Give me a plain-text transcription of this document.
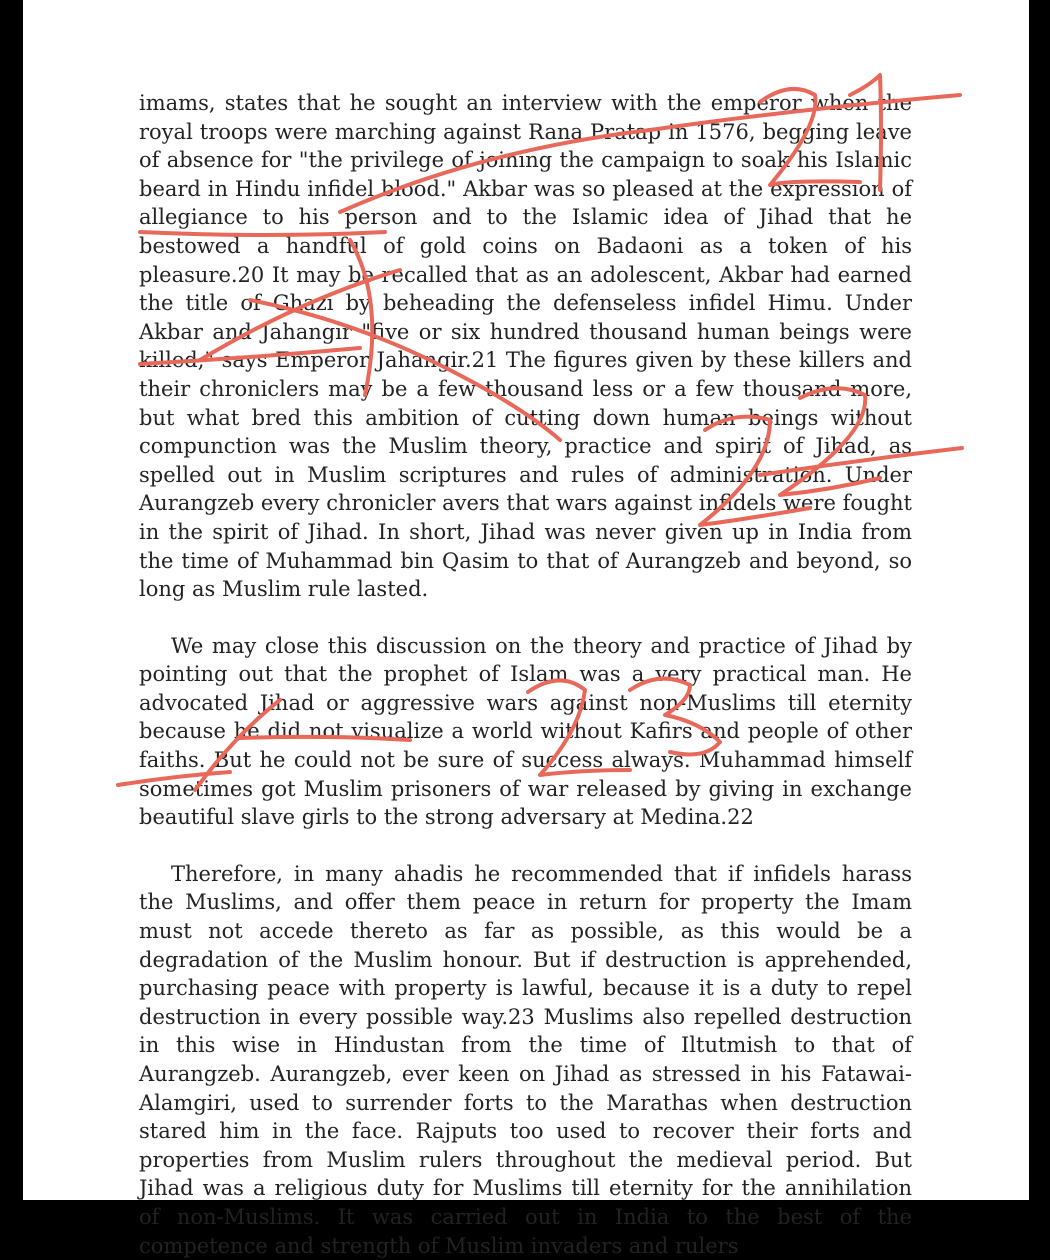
imams, states that he sought an interview with the emperor when the royal troops were marching against Rana Pratap in 1576, begging leave of absence for "the privilege of joining the campaign to soak his Islamic beard in Hindu infidel blood." Akbar was so pleased at the expression of allegiance to his person and to the Islamic idea of Jihad that he bestowed a handful of gold coins on Badaoni as a token of his pleasure.20 It may be recalled that as an adolescent, Akbar had earned the title of Ghazi by beheading the defenseless infidel Himu. Under Akbar and Jahangir "five or six hundred thousand human beings were killed," says Emperor Jahangir.21 The figures given by these killers and their chroniclers may be a few thousand less or a few thousand more, but what bred this ambition of cutting down human beings without compunction was the Muslim theory, practice and spirit of Jihad, as spelled out in Muslim scriptures and rules of administration. Under Aurangzeb every chronicler avers that wars against infidels were fought in the spirit of Jihad. In short, Jihad was never given up in India from the time of Muhammad bin Qasim to that of Aurangzeb and beyond, so long as Muslim rule lasted.

We may close this discussion on the theory and practice of Jihad by pointing out that the prophet of Islam was a very practical man. He advocated Jihad or aggressive wars against non-Muslims till eternity because he did not visualize a world without Kafirs and people of other faiths. But he could not be sure of success always. Muhammad himself sometimes got Muslim prisoners of war released by giving in exchange beautiful slave girls to the strong adversary at Medina.22

Therefore, in many ahadis he recommended that if infidels harass the Muslims, and offer them peace in return for property the Imam must not accede thereto as far as possible, as this would be a degradation of the Muslim honour. But if destruction is apprehended, purchasing peace with property is lawful, because it is a duty to repel destruction in every possible way.23 Muslims also repelled destruction in this wise in Hindustan from the time of Iltutmish to that of Aurangzeb. Aurangzeb, ever keen on Jihad as stressed in his Fatawai-Alamgiri, used to surrender forts to the Marathas when destruction stared him in the face. Rajputs too used to recover their forts and properties from Muslim rulers throughout the medieval period. But Jihad was a religious duty for Muslims till eternity for the annihilation of non-Muslims. It was carried out in India to the best of the competence and strength of Muslim invaders and rulers
